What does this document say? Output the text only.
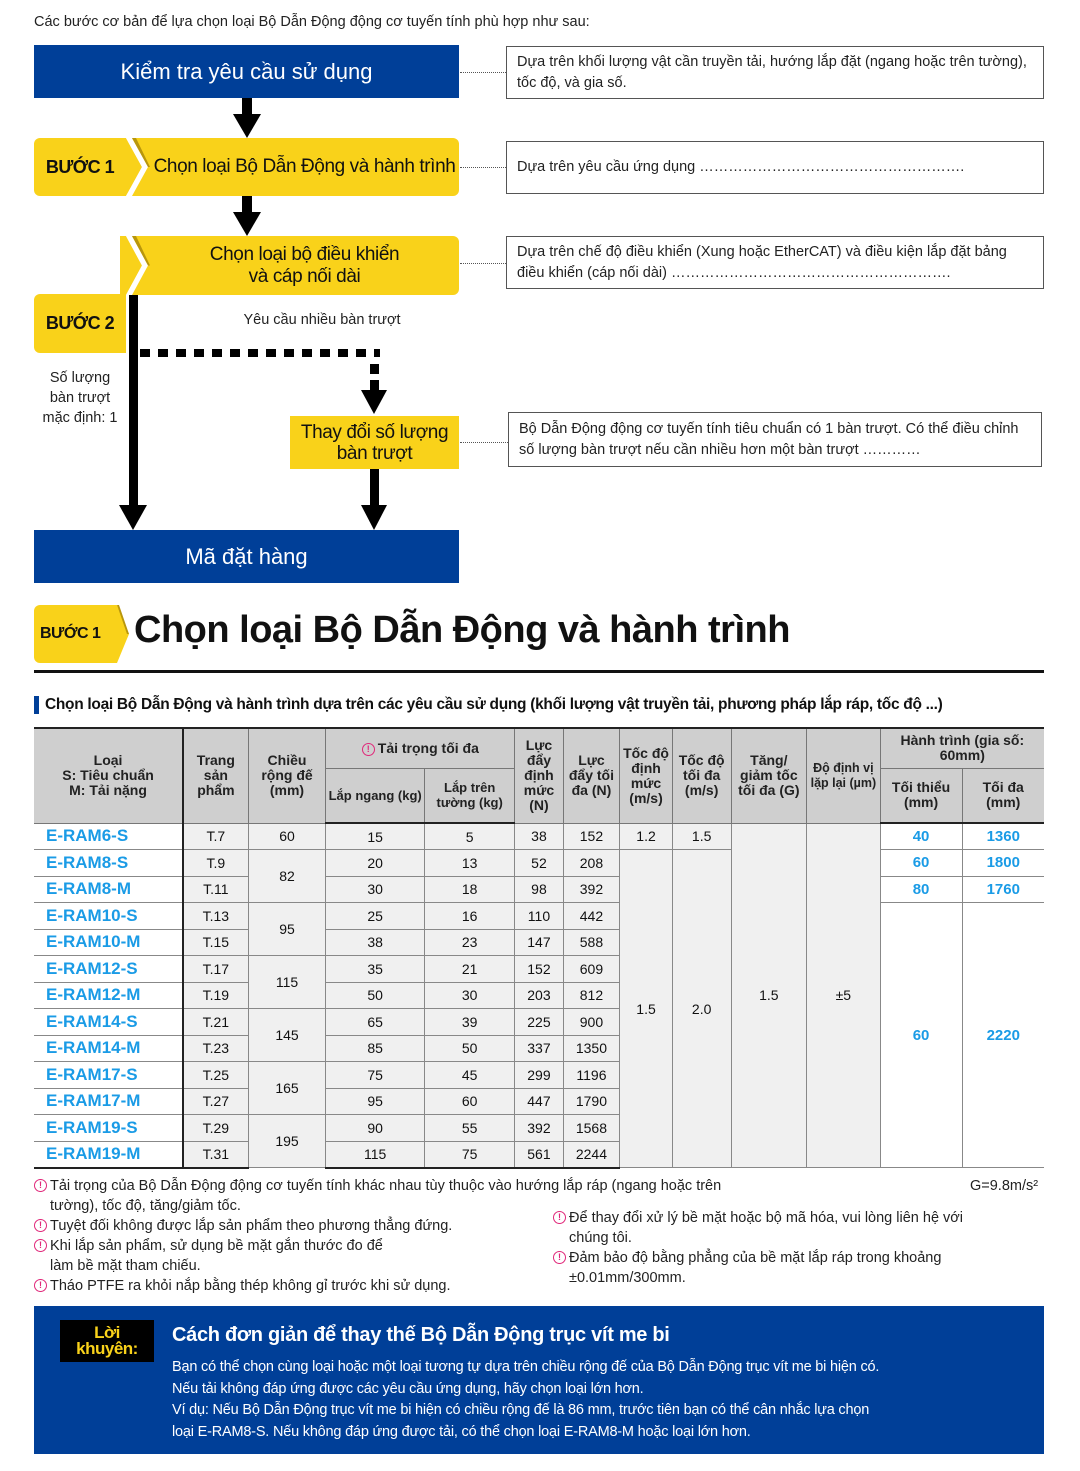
Các bước cơ bản để lựa chọn loại Bộ Dẫn Động động cơ tuyến tính phù hợp như sau:
Kiểm tra yêu cầu sử dụng	Dựa trên khối lượng vật cần truyền tải, hướng lắp đặt (ngang hoặc trên tường), tốc độ, và gia số.
BƯỚC 1 Chọn loại Bộ Dẫn Động và hành trình	Dựa trên yêu cầu ứng dụng ……………………………………………….
BƯỚC 2
Chọn loại bộ điều khiển
và cáp nối dài
Dựa trên chế độ điều khiển (Xung hoặc EtherCAT) và điều kiện lắp đặt bảng điều khiển (cáp nối dài) ………………………………………………….
Yêu cầu nhiều bàn trượt
Số lượng
bàn trượt
mặc định: 1
Thay đổi số lượng
bàn trượt
Bộ Dẫn Động động cơ tuyến tính tiêu chuẩn có 1 bàn trượt. Có thể điều chỉnh số lượng bàn trượt nếu cần nhiều hơn một bàn trượt …………
Mã đặt hàng
BƯỚC 1 Chọn loại Bộ Dẫn Động và hành trình
Chọn loại Bộ Dẫn Động và hành trình dựa trên các yêu cầu sử dụng (khối lượng vật truyền tải, phương pháp lắp ráp, tốc độ ...)
Loại
S: Tiêu chuẩn
M: Tải nặng	Trang sản phẩm	Chiều rộng đế (mm)	! Tải trọng tối đa		Lực đẩy định mức (N)	Lực đẩy tối đa (N)	Tốc độ định mức (m/s)	Tốc độ tối đa (m/s)	Tăng/ giảm tốc tối đa (G)	Độ định vị lặp lại (µm)	Hành trình (gia số: 60mm)	
			Lắp ngang (kg)	Lắp trên tường (kg)							Tối thiểu (mm)	Tối đa (mm)
E-RAM6-S	T.7	60	15	5	38	152	1.2	1.5	1.5	±5	40	1360
E-RAM8-S	T.9	82	20	13	52	208	1.5	2.0			60	1800
E-RAM8-M	T.11		30	18	98	392					80	1760
E-RAM10-S	T.13	95	25	16	110	442					60	2220
E-RAM10-M	T.15		38	23	147	588						
E-RAM12-S	T.17	115	35	21	152	609						
E-RAM12-M	T.19		50	30	203	812						
E-RAM14-S	T.21	145	65	39	225	900						
E-RAM14-M	T.23		85	50	337	1350						
E-RAM17-S	T.25	165	75	45	299	1196						
E-RAM17-M	T.27		95	60	447	1790						
E-RAM19-S	T.29	195	90	55	392	1568						
E-RAM19-M	T.31		115	75	561	2244						
! Tải trọng của Bộ Dẫn Động động cơ tuyến tính khác nhau tùy thuộc vào hướng lắp ráp (ngang hoặc trên tường), tốc độ, tăng/giảm tốc.
G=9.8m/s²
! Tuyệt đối không được lắp sản phẩm theo phương thẳng đứng.
! Khi lắp sản phẩm, sử dụng bề mặt gắn thước đo để làm bề mặt tham chiếu.
! Tháo PTFE ra khỏi nắp bằng thép không gỉ trước khi sử dụng.
! Để thay đổi xử lý bề mặt hoặc bộ mã hóa, vui lòng liên hệ với chúng tôi.
! Đảm bảo độ bằng phẳng của bề mặt lắp ráp trong khoảng ±0.01mm/300mm.
Lời
khuyên:
Cách đơn giản để thay thế Bộ Dẫn Động trục vít me bi
Bạn có thể chọn cùng loại hoặc một loại tương tự dựa trên chiều rộng đế của Bộ Dẫn Động trục vít me bi hiện có.
Nếu tải không đáp ứng được các yêu cầu ứng dụng, hãy chọn loại lớn hơn.
Ví dụ: Nếu Bộ Dẫn Động trục vít me bi hiện có chiều rộng đế là 86 mm, trước tiên bạn có thể cân nhắc lựa chọn
loại E-RAM8-S. Nếu không đáp ứng được tải, có thể chọn loại E-RAM8-M hoặc loại lớn hơn.
